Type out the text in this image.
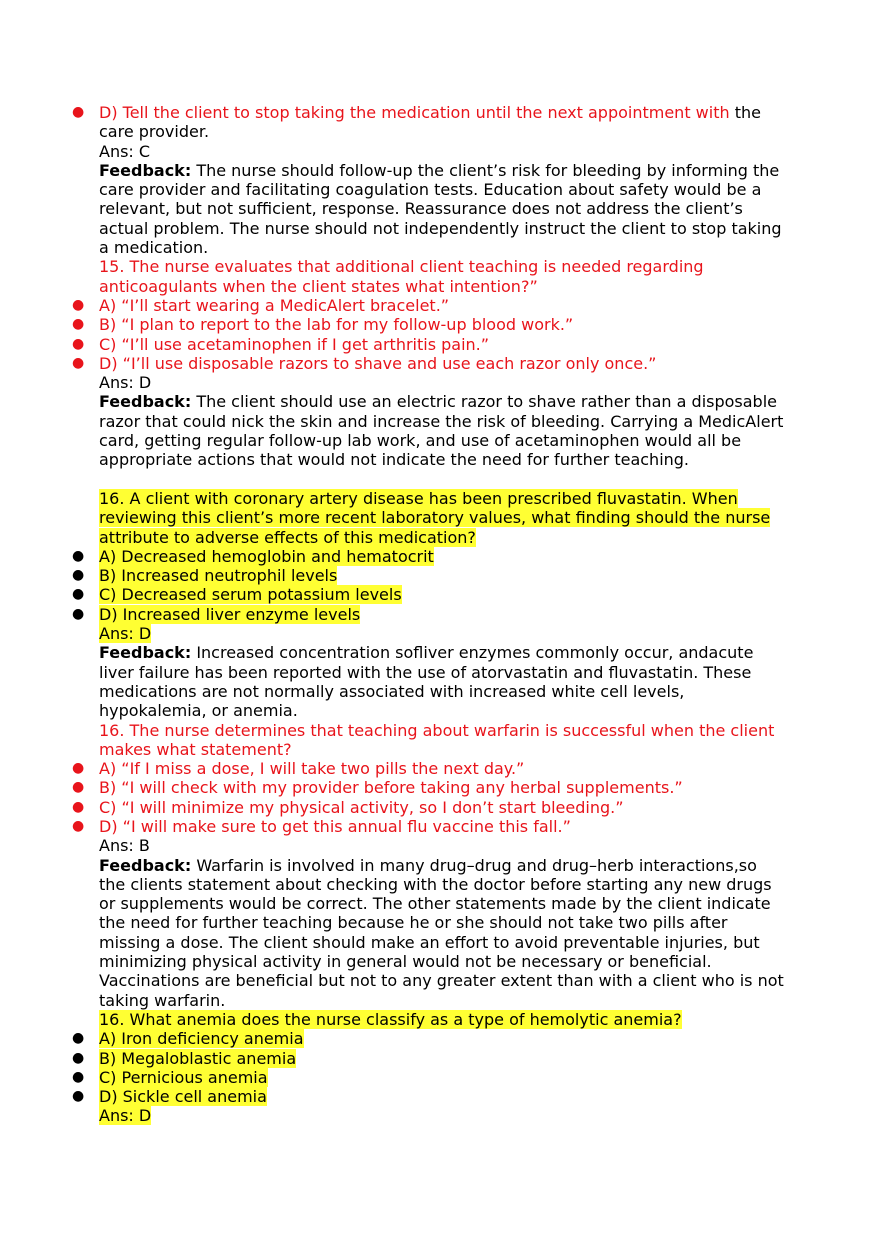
● D) Tell the client to stop taking the medication until the next appointment with the
care provider.
Ans: C
Feedback: The nurse should follow-up the client’s risk for bleeding by informing the
care provider and facilitating coagulation tests. Education about safety would be a
relevant, but not sufficient, response. Reassurance does not address the client’s
actual problem. The nurse should not independently instruct the client to stop taking
a medication.
15. The nurse evaluates that additional client teaching is needed regarding
anticoagulants when the client states what intention?”
● A) “I’ll start wearing a MedicAlert bracelet.”
● B) “I plan to report to the lab for my follow-up blood work.”
● C) “I’ll use acetaminophen if I get arthritis pain.”
● D) “I’ll use disposable razors to shave and use each razor only once.”
Ans: D
Feedback: The client should use an electric razor to shave rather than a disposable
razor that could nick the skin and increase the risk of bleeding. Carrying a MedicAlert
card, getting regular follow-up lab work, and use of acetaminophen would all be
appropriate actions that would not indicate the need for further teaching.
16. A client with coronary artery disease has been prescribed fluvastatin. When
reviewing this client’s more recent laboratory values, what finding should the nurse
attribute to adverse effects of this medication?
● A) Decreased hemoglobin and hematocrit
● B) Increased neutrophil levels
● C) Decreased serum potassium levels
● D) Increased liver enzyme levels
Ans: D
Feedback: Increased concentration sofliver enzymes commonly occur, andacute
liver failure has been reported with the use of atorvastatin and fluvastatin. These
medications are not normally associated with increased white cell levels,
hypokalemia, or anemia.
16. The nurse determines that teaching about warfarin is successful when the client
makes what statement?
● A) “If I miss a dose, I will take two pills the next day.”
● B) “I will check with my provider before taking any herbal supplements.”
● C) “I will minimize my physical activity, so I don’t start bleeding.”
● D) “I will make sure to get this annual flu vaccine this fall.”
Ans: B
Feedback: Warfarin is involved in many drug–drug and drug–herb interactions,so
the clients statement about checking with the doctor before starting any new drugs
or supplements would be correct. The other statements made by the client indicate
the need for further teaching because he or she should not take two pills after
missing a dose. The client should make an effort to avoid preventable injuries, but
minimizing physical activity in general would not be necessary or beneficial.
Vaccinations are beneficial but not to any greater extent than with a client who is not
taking warfarin.
16. What anemia does the nurse classify as a type of hemolytic anemia?
● A) Iron deficiency anemia
● B) Megaloblastic anemia
● C) Pernicious anemia
● D) Sickle cell anemia
Ans: D
